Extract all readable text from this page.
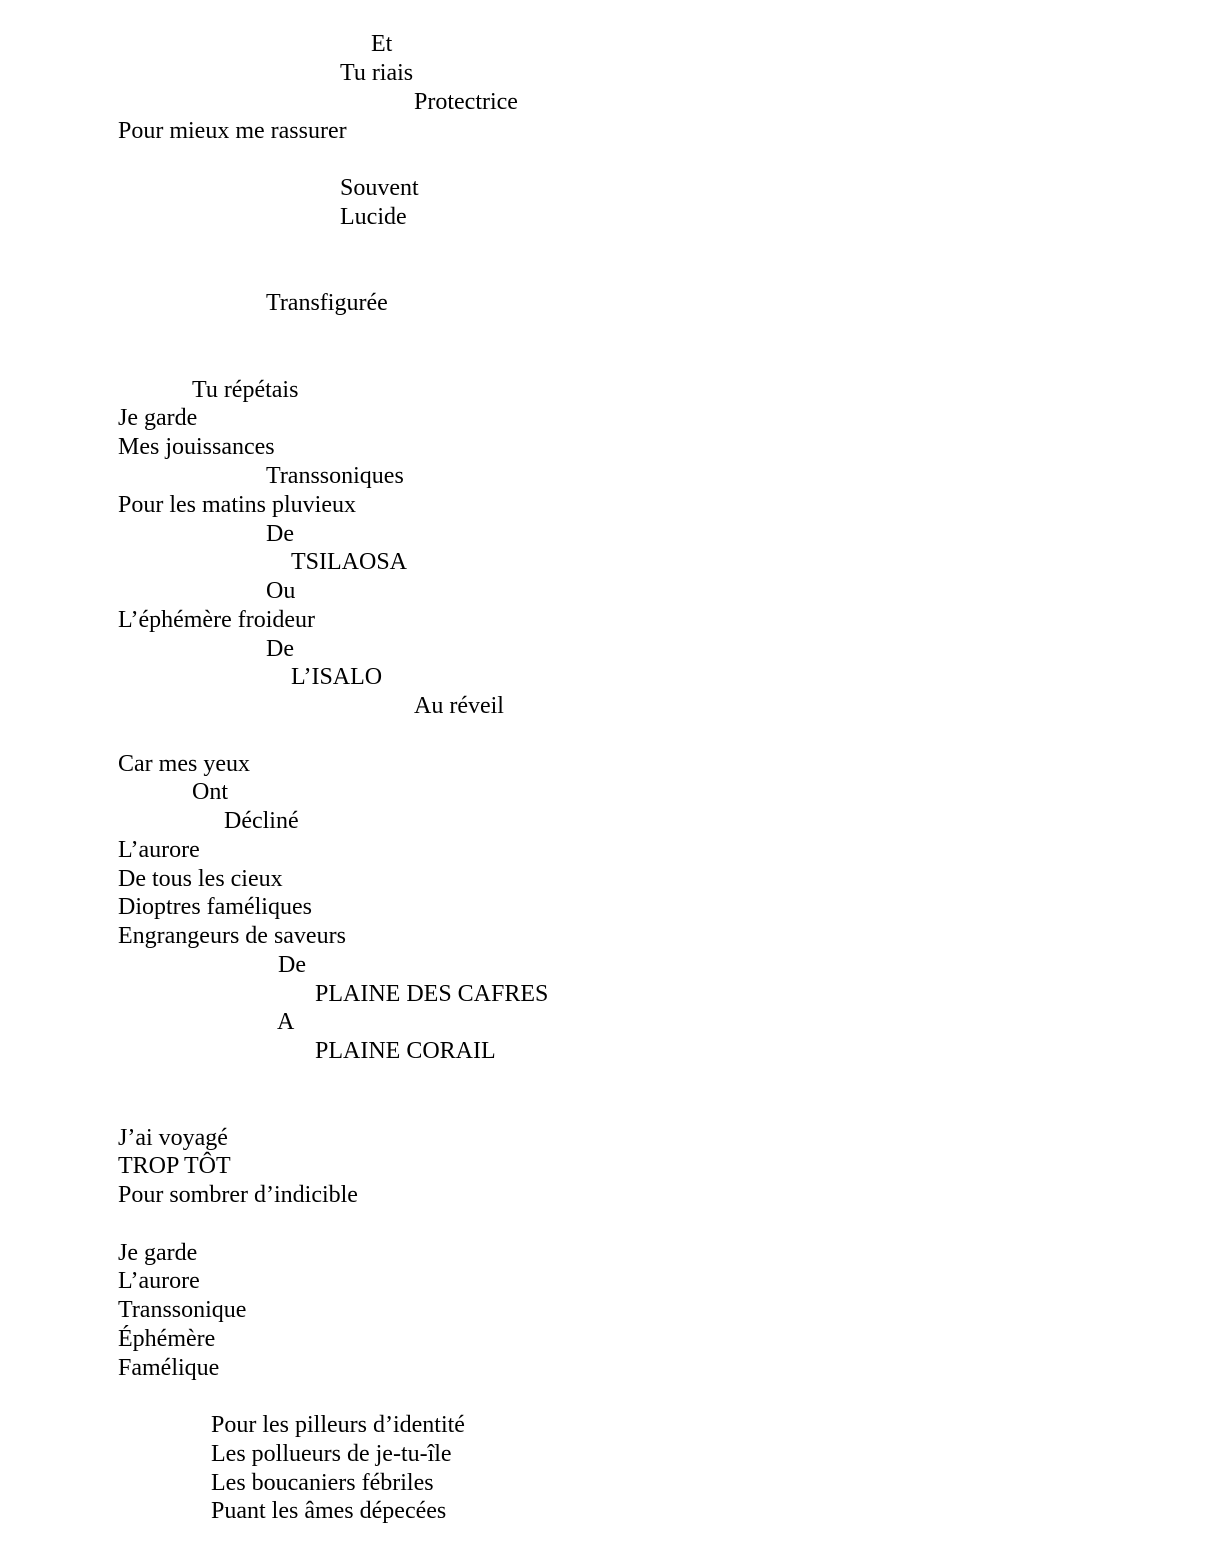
Et
Tu riais
Protectrice
Pour mieux me rassurer
Souvent
Lucide
Transfigurée
Tu répétais
Je garde
Mes jouissances
Transsoniques
Pour les matins pluvieux
De
TSILAOSA
Ou
L’éphémère froideur
De
L’ISALO
Au réveil
Car mes yeux
Ont
Décliné
L’aurore
De tous les cieux
Dioptres faméliques
Engrangeurs de saveurs
De
PLAINE DES CAFRES
A
PLAINE CORAIL
J’ai voyagé
TROP TÔT
Pour sombrer d’indicible
Je garde
L’aurore
Transsonique
Éphémère
Famélique
Pour les pilleurs d’identité
Les pollueurs de je-tu-île
Les boucaniers fébriles
Puant les âmes dépecées
